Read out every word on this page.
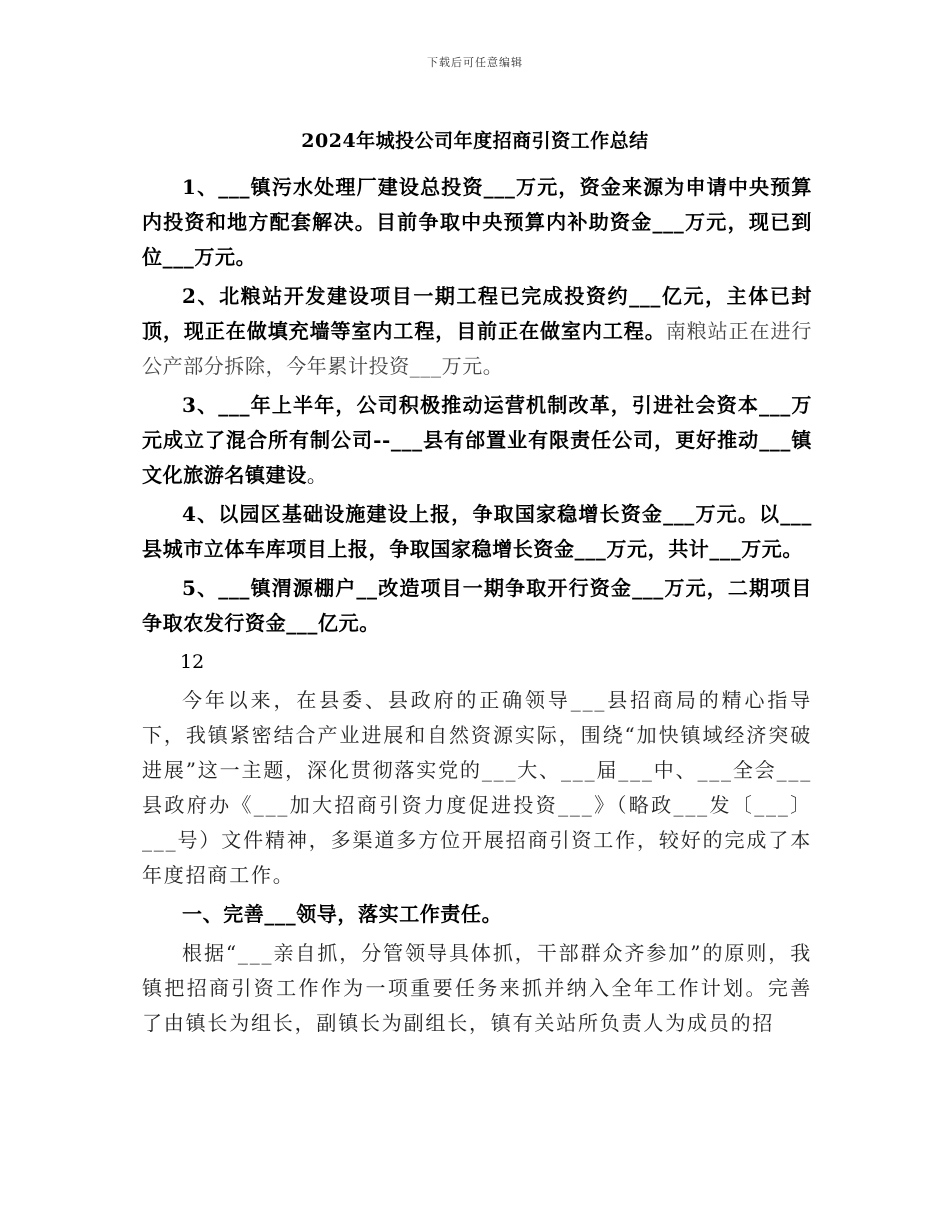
下载后可任意编辑
2024年城投公司年度招商引资工作总结

1、___镇污水处理厂建设总投资___万元，资金来源为申请中央预算内投资和地方配套解决。目前争取中央预算内补助资金___万元，现已到位___万元。

2、北粮站开发建设项目一期工程已完成投资约___亿元，主体已封顶，现正在做填充墙等室内工程，目前正在做室内工程。南粮站正在进行公产部分拆除，今年累计投资___万元。

3、___年上半年，公司积极推动运营机制改革，引进社会资本___万元成立了混合所有制公司--___县有邰置业有限责任公司，更好推动___镇文化旅游名镇建设。

4、以园区基础设施建设上报，争取国家稳增长资金___万元。以___县城市立体车库项目上报，争取国家稳增长资金___万元，共计___万元。

5、___镇渭源棚户__改造项目一期争取开行资金___万元，二期项目争取农发行资金___亿元。

12

今年以来，在县委、县政府的正确领导___县招商局的精心指导下，我镇紧密结合产业进展和自然资源实际，围绕“加快镇域经济突破进展”这一主题，深化贯彻落实党的___大、___届___中、___全会___县政府办《___加大招商引资力度促进投资___》（略政___发〔___〕___号）文件精神，多渠道多方位开展招商引资工作，较好的完成了本年度招商工作。

一、完善___领导，落实工作责任。

根据“___亲自抓，分管领导具体抓，干部群众齐参加”的原则，我镇把招商引资工作作为一项重要任务来抓并纳入全年工作计划。完善了由镇长为组长，副镇长为副组长，镇有关站所负责人为成员的招
